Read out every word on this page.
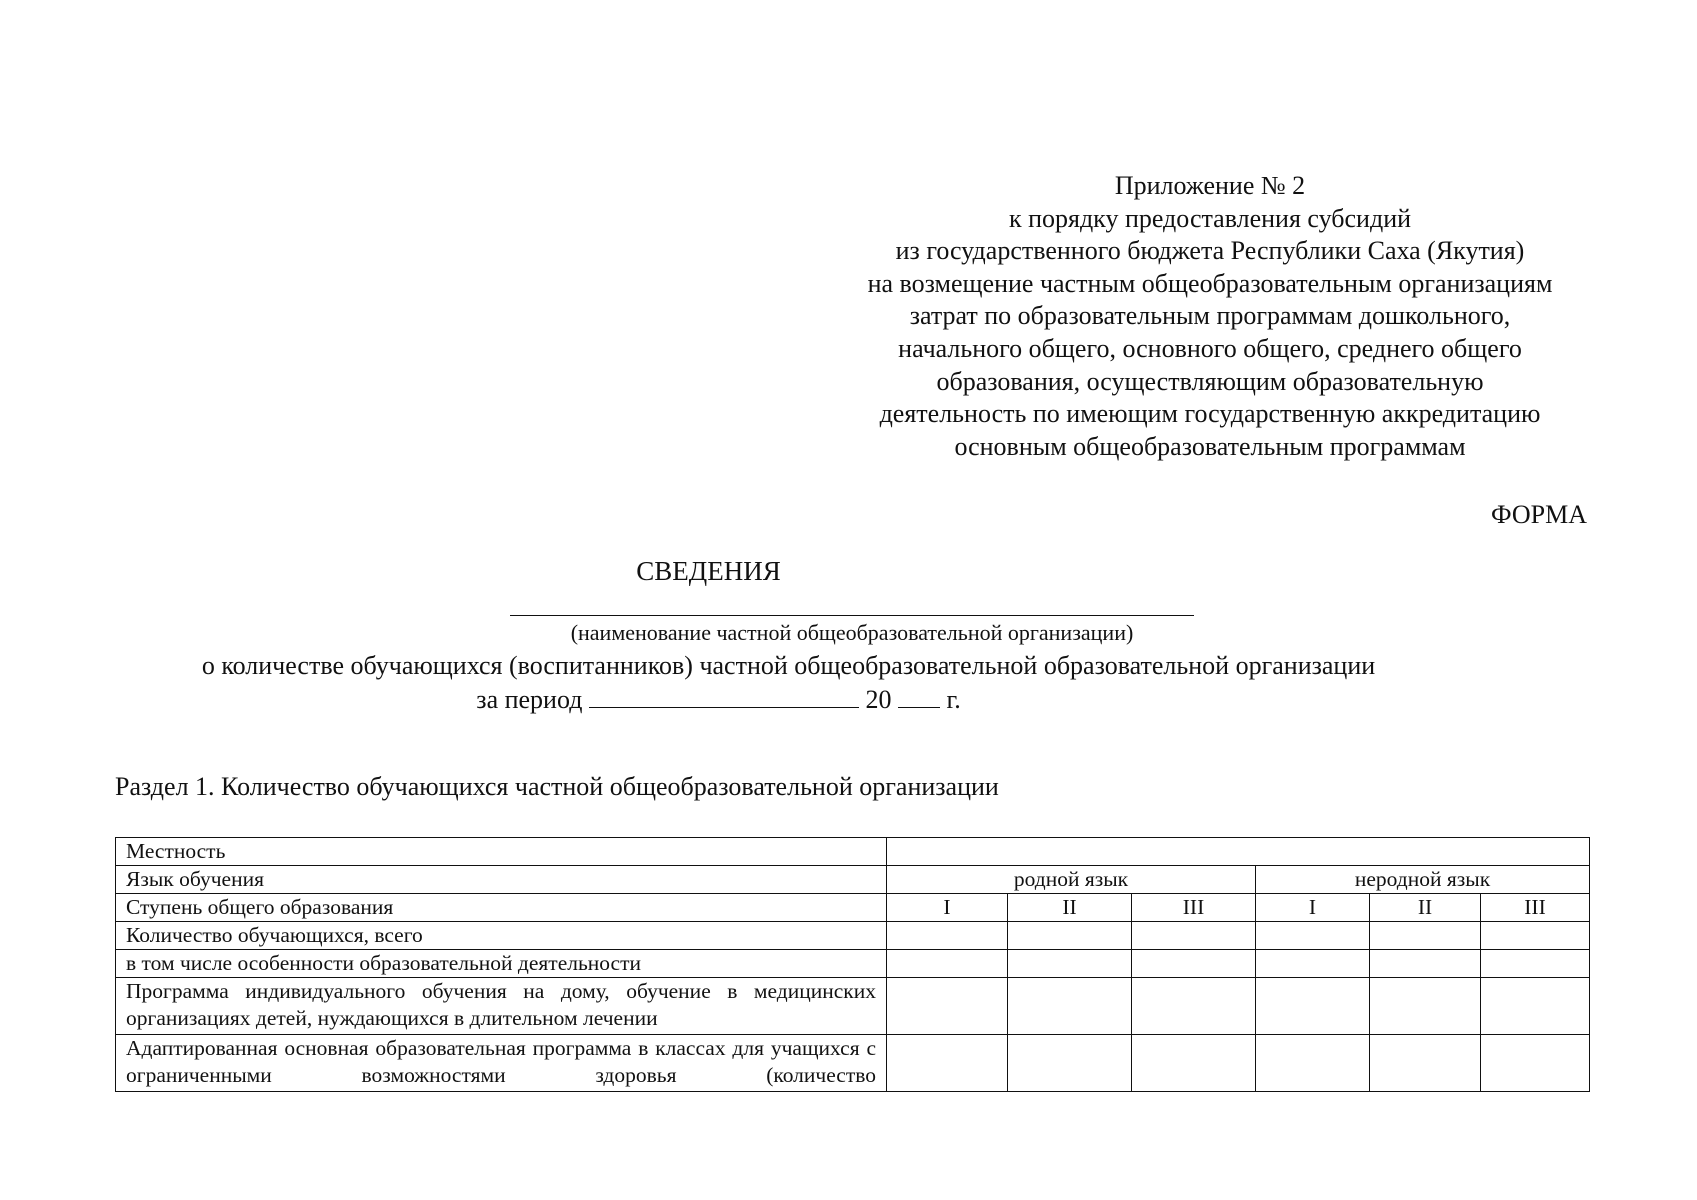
Приложение № 2
к порядку предоставления субсидий
из государственного бюджета Республики Саха (Якутия)
на возмещение частным общеобразовательным организациям
затрат по образовательным программам дошкольного,
начального общего, основного общего, среднего общего
образования, осуществляющим образовательную
деятельность по имеющим государственную аккредитацию
основным общеобразовательным программам
ФОРМА
СВЕДЕНИЯ
(наименование частной общеобразовательной организации)
о количестве обучающихся (воспитанников) частной общеобразовательной образовательной организации
за период	20 г.
Раздел 1. Количество обучающихся частной общеобразовательной организации
Местность						
Язык обучения	родной язык			неродной язык		
Ступень общего образования	I	II	III	I	II	III
Количество обучающихся, всего						
в том числе особенности образовательной деятельности						
Программа индивидуального обучения на дому, обучение в медицинских организациях детей, нуждающихся в длительном лечении						
Адаптированная основная образовательная программа в классах для учащихся с ограниченными возможностями здоровья (количество						
